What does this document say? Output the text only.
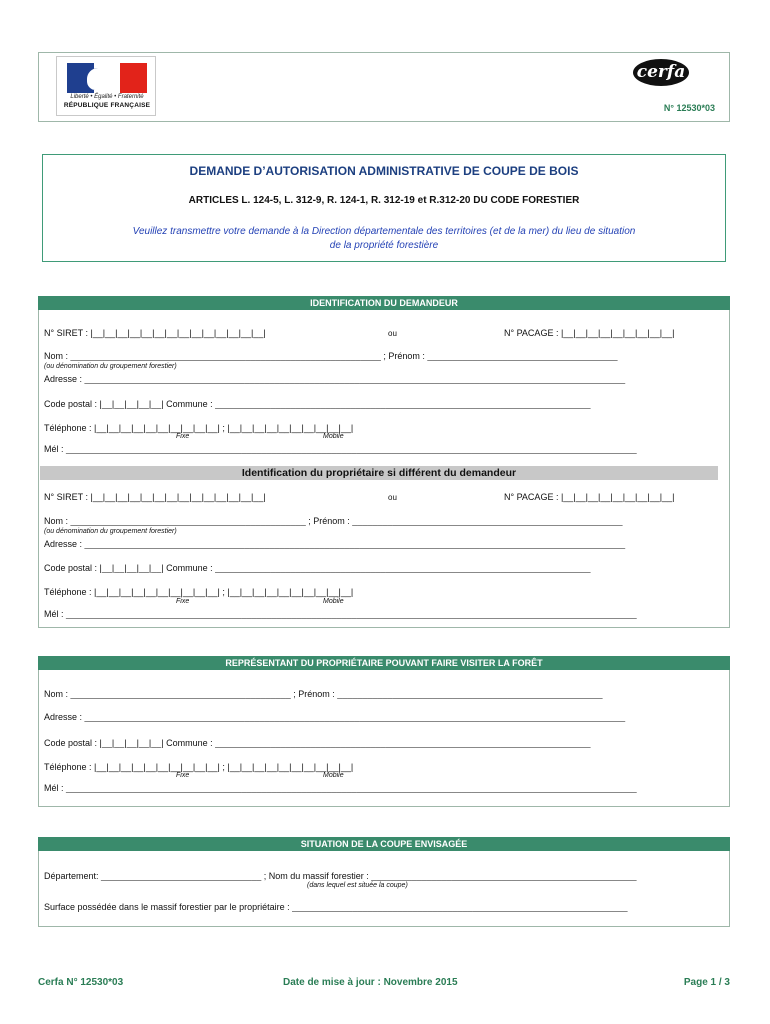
Liberté • Égalité • Fraternité
RÉPUBLIQUE FRANÇAISE
cerfa
N° 12530*03
DEMANDE D’AUTORISATION ADMINISTRATIVE DE COUPE DE BOIS
ARTICLES L. 124-5, L. 312-9, R. 124-1, R. 312-19 et R.312-20 DU CODE FORESTIER
Veuillez transmettre votre demande à la Direction départementale des territoires (et de la mer) du lieu de situation
de la propriété forestière
IDENTIFICATION DU DEMANDEUR
N° SIRET : |__|__|__|__|__|__|__|__|__|__|__|__|__|__|	ou	N° PACAGE : |__|__|__|__|__|__|__|__|__|
Nom : ______________________________________________________________ ; Prénom : ______________________________________
(ou dénomination du groupement forestier)
Adresse : ____________________________________________________________________________________________________________
Code postal : |__|__|__|__|__| Commune : ___________________________________________________________________________
Téléphone : |__|__|__|__|__|__|__|__|__|__| ; |__|__|__|__|__|__|__|__|__|__|
Fixe	Mobile
Mél : __________________________________________________________________________________________________________________
Identification du propriétaire si différent du demandeur
N° SIRET : |__|__|__|__|__|__|__|__|__|__|__|__|__|__|	ou	N° PACAGE : |__|__|__|__|__|__|__|__|__|
Nom : _______________________________________________ ; Prénom : ______________________________________________________
(ou dénomination du groupement forestier)
Adresse : ____________________________________________________________________________________________________________
Code postal : |__|__|__|__|__| Commune : ___________________________________________________________________________
Téléphone : |__|__|__|__|__|__|__|__|__|__| ; |__|__|__|__|__|__|__|__|__|__|
Fixe	Mobile
Mél : __________________________________________________________________________________________________________________
REPRÉSENTANT DU PROPRIÉTAIRE POUVANT FAIRE VISITER LA FORÊT
Nom : ____________________________________________ ; Prénom : _____________________________________________________
Adresse : ____________________________________________________________________________________________________________
Code postal : |__|__|__|__|__| Commune : ___________________________________________________________________________
Téléphone : |__|__|__|__|__|__|__|__|__|__| ; |__|__|__|__|__|__|__|__|__|__|
Fixe	Mobile
Mél : __________________________________________________________________________________________________________________
SITUATION DE LA COUPE ENVISAGÉE
Département: ________________________________ ; Nom du massif forestier : _____________________________________________________
(dans lequel est située la coupe)
Surface possédée dans le massif forestier par le propriétaire : ___________________________________________________________________
Cerfa N° 12530*03	Date de mise à jour : Novembre 2015	Page 1 / 3
